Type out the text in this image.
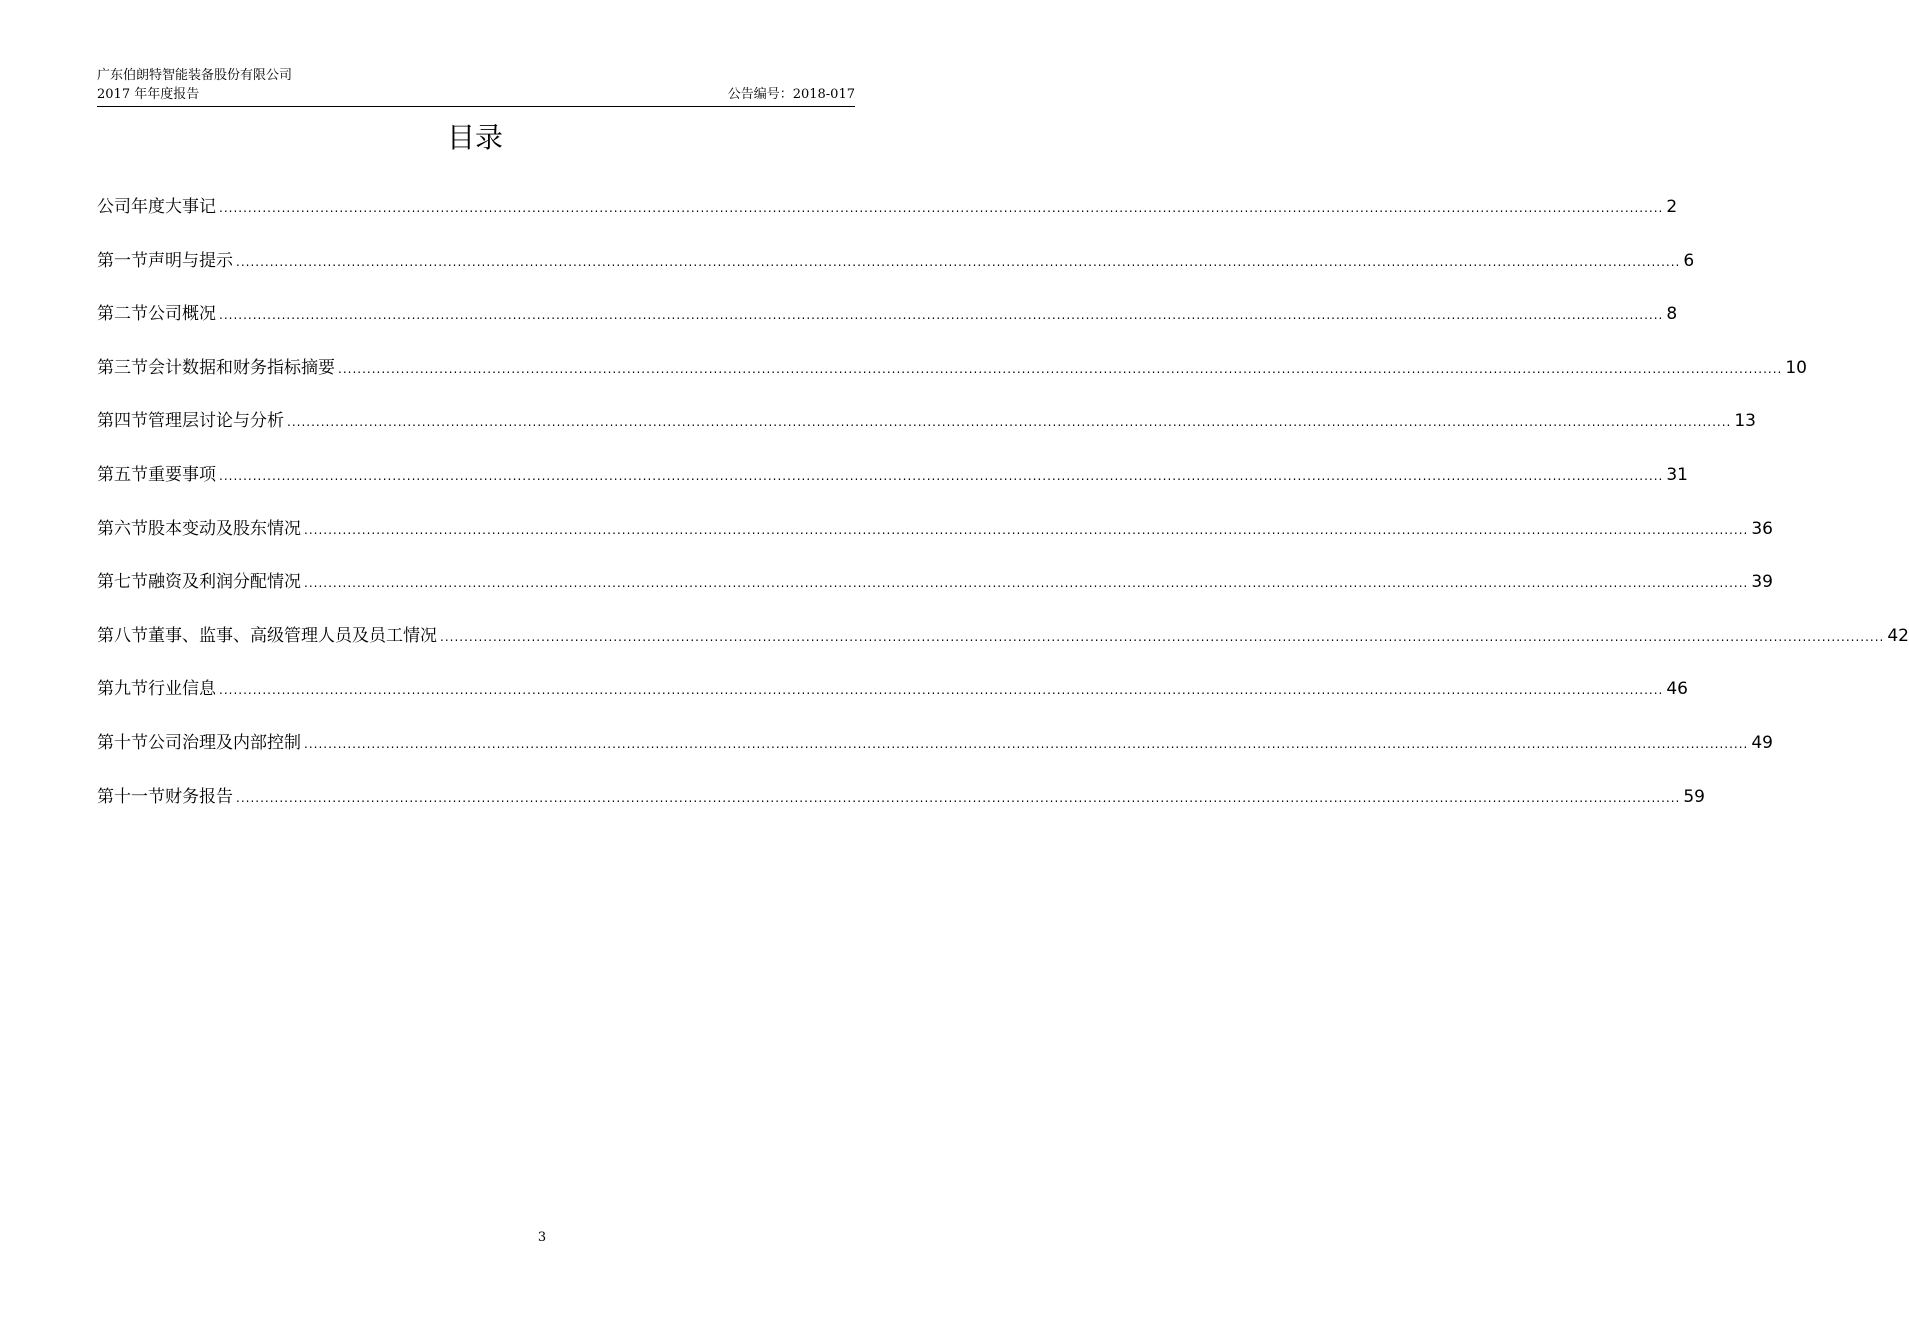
广东伯朗特智能装备股份有限公司
2017 年年度报告	公告编号：2018-017
目录
公司年度大事记 ............................................................................................................................................................................................................................................................................................................ 2
第一节 声明与提示 ............................................................................................................................................................................................................................................................................................................ 6
第二节 公司概况 ............................................................................................................................................................................................................................................................................................................ 8
第三节 会计数据和财务指标摘要 ............................................................................................................................................................................................................................................................................................................ 10
第四节 管理层讨论与分析 ............................................................................................................................................................................................................................................................................................................ 13
第五节 重要事项 ............................................................................................................................................................................................................................................................................................................ 31
第六节 股本变动及股东情况 ............................................................................................................................................................................................................................................................................................................ 36
第七节 融资及利润分配情况 ............................................................................................................................................................................................................................................................................................................ 39
第八节 董事、监事、高级管理人员及员工情况 ............................................................................................................................................................................................................................................................................................................ 42
第九节 行业信息 ............................................................................................................................................................................................................................................................................................................ 46
第十节 公司治理及内部控制 ............................................................................................................................................................................................................................................................................................................ 49
第十一节 财务报告 ............................................................................................................................................................................................................................................................................................................ 59
3
